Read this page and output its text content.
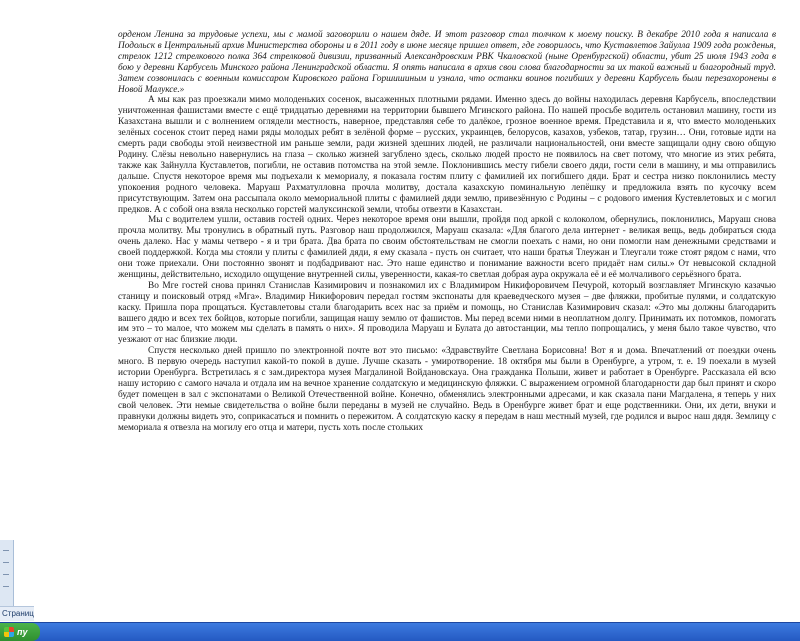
орденом Ленина за трудовые успехи, мы с мамой заговорили о нашем дяде. И этот разговор стал толчком к моему поиску. В декабре 2010 года я написала в Подольск в Центральный архив Министерства обороны и в 2011 году в июне месяце пришел ответ, где говорилось, что Куставлетов Зайулла 1909 года рожденья, стрелок 1212 стрелкового полка 364 стрелковой дивизии, призванный Александровским РВК Чкаловской (ныне Оренбургской) области, убит 25 июля 1943 года в бою у деревни Карбусель Минского района Ленинградской области. Я опять написала в архив свои слова благодарности за их такой важный и благородный труд. Затем созвонилась с военным комиссаром Кировского района Горшишиным и узнала, что останки воинов погибших у деревни Карбусель были перезахоронены в Новой Малуксе.»

А мы как раз проезжали мимо молоденьких сосенок, высаженных плотными рядами. Именно здесь до войны находилась деревня Карбусель, впоследствии уничтоженная фашистами вместе с ещё тридцатью деревнями на территории бывшего Мгинского района. По нашей просьбе водитель остановил машину, гости из Казахстана вышли и с волнением оглядели местность, наверное, представляя себе то далёкое, грозное военное время. Представила и я, что вместо молоденьких зелёных сосенок стоит перед нами ряды молодых ребят в зелёной форме – русских, украинцев, белорусов, казахов, узбеков, татар, грузин… Они, готовые идти на смерть ради свободы этой неизвестной им раньше земли, ради жизней здешних людей, не различали национальностей, они вместе защищали одну свою общую Родину. Слёзы невольно навернулись на глаза – сколько жизней загублено здесь, сколько людей просто не появилось на свет потому, что многие из этих ребята, также как Зайнулла Куставлетов, погибли, не оставив потомства на этой земле. Поклонившись месту гибели своего дяди, гости сели в машину, и мы отправились дальше. Спустя некоторое время мы подъехали к мемориалу, я показала гостям плиту с фамилией их погибшего дяди. Брат и сестра низко поклонились месту упокоения родного человека. Маруаш Рахматулловна прочла молитву, достала казахскую поминальную лепёшку и предложила взять по кусочку всем присутствующим. Затем она рассыпала около мемориальной плиты с фамилией дяди землю, привезённую с Родины – с родового имения Кустевлетовых и с могил предков. А с собой она взяла несколько горстей малуксинской земли, чтобы отвезти в Казахстан.

Мы с водителем ушли, оставив гостей одних. Через некоторое время они вышли, пройдя под аркой с колоколом, обернулись, поклонились, Маруаш снова прочла молитву. Мы тронулись в обратный путь. Разговор наш продолжился, Маруаш сказала: «Для благого дела интернет - великая вещь, ведь добираться сюда очень далеко. Нас у мамы четверо - я и три брата. Два брата по своим обстоятельствам не смогли поехать с нами, но они помогли нам денежными средствами и своей поддержкой. Когда мы стояли у плиты с фамилией дяди, я ему сказала - пусть он считает, что наши братья Тлеужан и Тлеугали тоже стоят рядом с нами, что они тоже приехали. Они постоянно звонят и подбадривают нас. Это наше единство и понимание важности всего придаёт нам силы.» От невысокой складной женщины, действительно, исходило ощущение внутренней силы, уверенности, какая-то светлая добрая аура окружала её и её молчаливого серьёзного брата.

Во Мге гостей снова принял Станислав Казимирович и познакомил их с Владимиром Никифоровичем Печурой, который возглавляет Мгинскую казачью станицу и поисковый отряд «Мга». Владимир Никифорович передал гостям экспонаты для краеведческого музея – две фляжки, пробитые пулями, и солдатскую каску. Пришла пора прощаться. Куставлетовы стали благодарить всех нас за приём и помощь, но Станислав Казимирович сказал: «Это мы должны благодарить вашего дядю и всех тех бойцов, которые погибли, защищая нашу землю от фашистов. Мы перед всеми ними в неоплатном долгу. Принимать их потомков, помогать им это – то малое, что можем мы сделать в память о них». Я проводила Маруаш и Булата до автостанции, мы тепло попрощались, у меня было такое чувство, что уезжают от нас близкие люди.

Спустя несколько дней пришло по электронной почте вот это письмо: «Здравствуйте Светлана Борисовна! Вот я и дома. Впечатлений от поездки очень много. В первую очередь наступил какой-то покой в душе. Лучше сказать - умиротворение. 18 октября мы были в Оренбурге, а утром, т. е. 19 поехали в музей истории Оренбурга. Встретилась я с зам.директора музея Магдалиной Войдановскаya. Она гражданка Польши, живет и работает в Оренбурге. Рассказала ей всю нашу историю с самого начала и отдала им на вечное хранение солдатскую и медицинскую фляжки. С выражением огромной благодарности дар был принят и скоро будет помещен в зал с экспонатами о Великой Отечественной войне. Конечно, обменялись электронными адресами, и как сказала пани Магдалена, я теперь у них свой человек. Эти немые свидетельства о войне были переданы в музей не случайно. Ведь в Оренбурге живет брат и еще родственники. Они, их дети, внуки и правнуки должны видеть это, соприкасаться и помнить о пережитом. А солдатскую каску я передам в наш местный музей, где родился и вырос наш дядя. Землицу с мемориала я отвезла на могилу его отца и матери, пусть хоть после стольких

Страниц
пу
